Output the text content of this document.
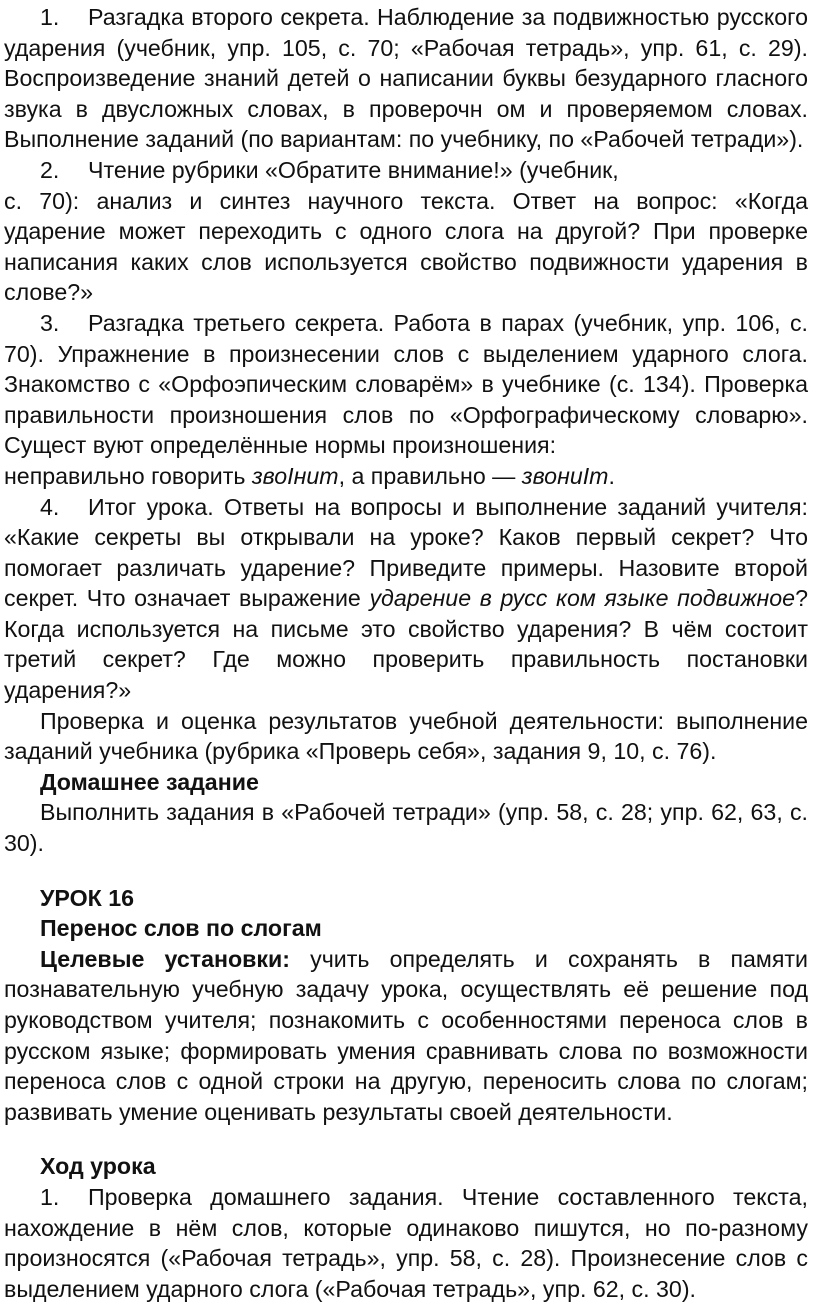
1. Разгадка второго секрета. Наблюдение за подвижностью русского ударения (учебник, упр. 105, с. 70; «Рабочая тетрадь», упр. 61, с. 29). Воспроизведение знаний детей о написании буквы безударного гласного звука в двусложных словах, в проверочн ом и проверяемом словах. Выполнение заданий (по вариантам: по учебнику, по «Рабочей тетради»).

2. Чтение рубрики «Обратите внимание!» (учебник,

с. 70): анализ и синтез научного текста. Ответ на вопрос: «Когда ударение может переходить с одного слога на другой? При проверке написания каких слов используется свойство подвижности ударения в слове?»

3. Разгадка третьего секрета. Работа в парах (учебник, упр. 106, с. 70). Упражнение в произнесении слов с выделением ударного слога. Знакомство с «Орфоэпическим словарём» в учебнике (с. 134). Проверка правильности произношения слов по «Орфографическому словарю». Сущест вуют определённые нормы произношения:

неправильно говорить звоIнит, а правильно — звониIт.

4. Итог урока. Ответы на вопросы и выполнение заданий учителя: «Какие секреты вы открывали на уроке? Каков первый секрет? Что помогает различать ударение? Приведите примеры. Назовите второй секрет. Что означает выражение ударение в русс ком языке подвижное? Когда используется на письме это свойство ударения? В чём состоит третий секрет? Где можно проверить правильность постановки ударения?»

Проверка и оценка результатов учебной деятельности: выполнение заданий учебника (рубрика «Проверь себя», задания 9, 10, с. 76).

Домашнее задание

Выполнить задания в «Рабочей тетради» (упр. 58, с. 28; упр. 62, 63, с. 30).

УРОК 16

Перенос слов по слогам

Целевые установки: учить определять и сохранять в памяти познавательную учебную задачу урока, осуществлять её решение под руководством учителя; познакомить с особенностями переноса слов в русском языке; формировать умения сравнивать слова по возможности переноса слов с одной строки на другую, переносить слова по слогам; развивать умение оценивать результаты своей деятельности.

Ход урока

1. Проверка домашнего задания. Чтение составленного текста, нахождение в нём слов, которые одинаково пишутся, но по-разному произносятся («Рабочая тетрадь», упр. 58, с. 28). Произнесение слов с выделением ударного слога («Рабочая тетрадь», упр. 62, с. 30).
